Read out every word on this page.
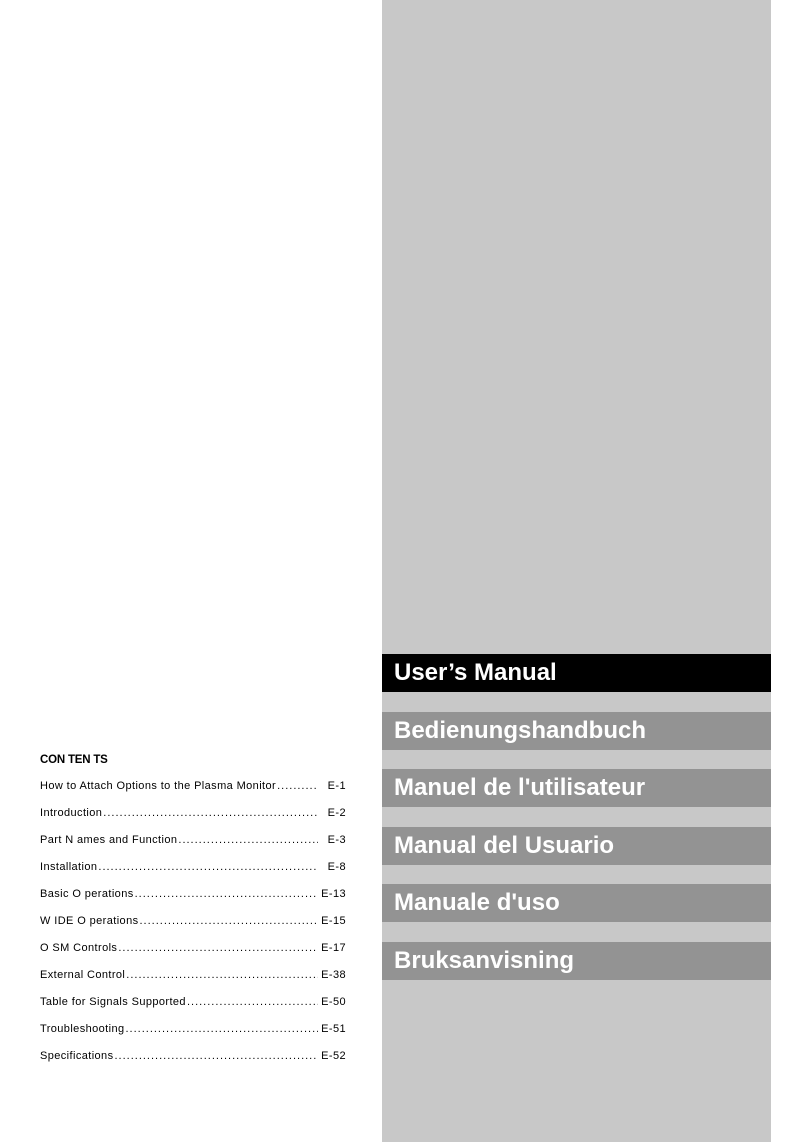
User’s Manual
Bedienungshandbuch
Manuel de l'utilisateur
Manual del Usuario
Manuale d'uso
Bruksanvisning
CON TEN TS
How to Attach Options to the Plasma Monitor .....	E-1
Introduction .....	E-2
Part N ames and Function .....	E-3
Installation .....	E-8
Basic O perations .....	E-13
W IDE O perations .....	E-15
O SM Controls .....	E-17
External Control .....	E-38
Table for Signals Supported .....	E-50
Troubleshooting .....	E-51
Specifications .....	E-52
